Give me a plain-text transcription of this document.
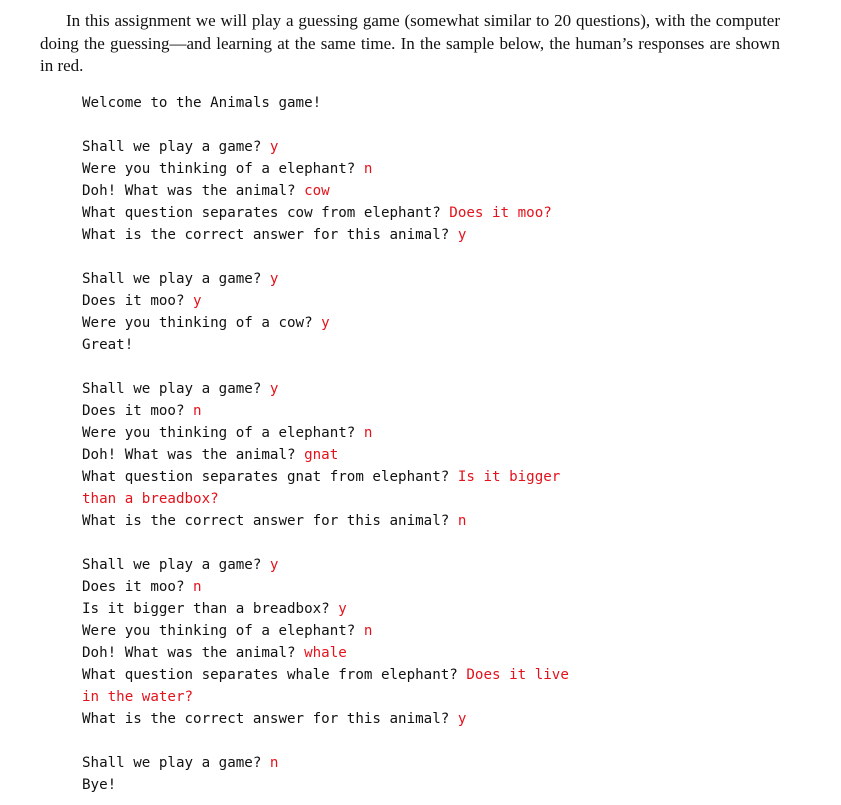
In this assignment we will play a guessing game (somewhat similar to 20 questions), with the computer doing the guessing—and learning at the same time. In the sample below, the human’s responses are shown in red.

Welcome to the Animals game!
Shall we play a game? y
Were you thinking of a elephant? n
Doh! What was the animal? cow
What question separates cow from elephant? Does it moo?
What is the correct answer for this animal? y
Shall we play a game? y
Does it moo? y
Were you thinking of a cow? y
Great!
Shall we play a game? y
Does it moo? n
Were you thinking of a elephant? n
Doh! What was the animal? gnat
What question separates gnat from elephant? Is it bigger
than a breadbox?
What is the correct answer for this animal? n
Shall we play a game? y
Does it moo? n
Is it bigger than a breadbox? y
Were you thinking of a elephant? n
Doh! What was the animal? whale
What question separates whale from elephant? Does it live
in the water?
What is the correct answer for this animal? y
Shall we play a game? n
Bye!
